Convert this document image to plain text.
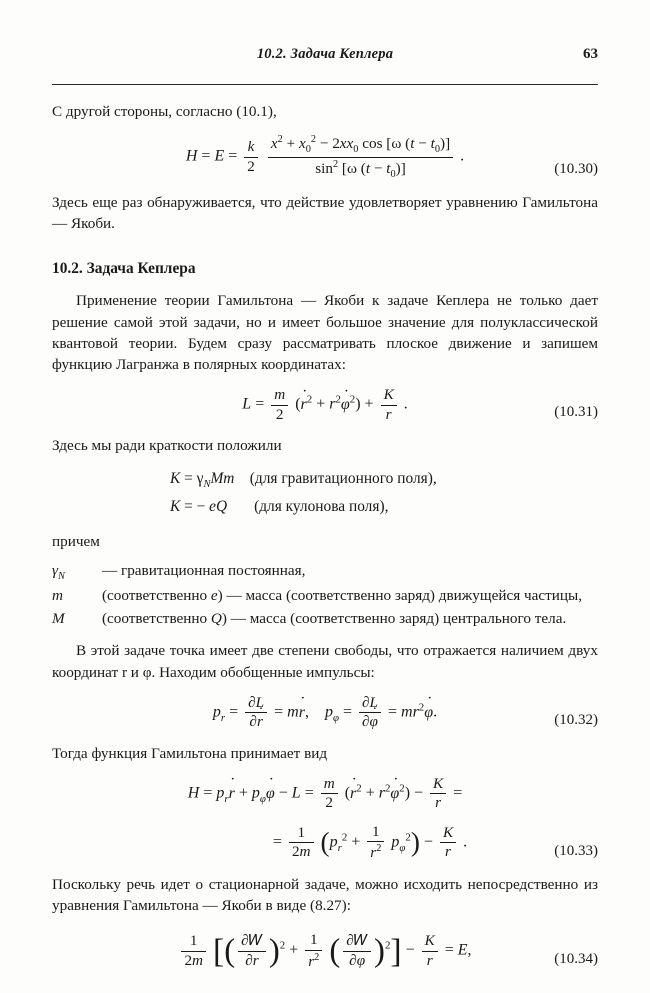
10.2. Задача Кеплера	63

С другой стороны, согласно (10.1),

$H = E = \frac{k}{2}$
$\frac{x^2 + x_0^2 - 2xx_0 \cos [\omega (t - t_0)]}{\sin^2 [\omega (t - t_0)]}$ .
(10.30)

Здесь еще раз обнаруживается, что действие удовлетворяет уравнению Гамильтона — Якоби.

10.2. Задача Кеплера

Применение теории Гамильтона — Якоби к задаче Кеплера не только дает решение самой этой задачи, но и имеет большое значение для полуклассической квантовой теории. Будем сразу рассматривать плоское движение и запишем функцию Лагранжа в полярных координатах:

$L = \frac{m}{2} (r$ ˙$^2$ + $r^2\varphi$ ˙$^2$) + $\frac{K}{r}$ .	(10.31)

Здесь мы ради краткости положили

$K = \gamma_NMm$ (для гравитационного поля),
K = − eQ (для кулонова поля),

причем

$\gamma_N$ — гравитационная постоянная,
m	(соответственно e) — масса (соответственно заряд) движущейся частицы,
M (соответственно Q) — масса (соответственно заряд) центрального тела.

В этой задаче точка имеет две степени свободы, что отражается наличием двух координат r и φ. Находим обобщенные импульсы:

$p_r = \frac{\partial L}{\partial r}$ ˙ = mr ˙,    $p_\varphi = \frac{\partial L}{\partial\varphi}$ ˙ = $mr^2\varphi$ ˙.	(10.32)

Тогда функция Гамильтона принимает вид

$H = p_rr$ ˙ + $p_\varphi\varphi$ ˙ − $L = \frac{m}{2} (r$ ˙$^2$ + $r^2\varphi$ ˙$^2$) − $\frac{K}{r}$ =
= $\frac{1}{2m} (p_r^2 + \frac{1}{r^2} p_\varphi^2) - \frac{K}{r}$ .
(10.33)

Поскольку речь идет о стационарной задаче, можно исходить непосредственно из уравнения Гамильтона — Якоби в виде (8.27):

$\frac{1}{2m}$ [( $\frac{\text{∂𝑊}}{\partial r} )^2 + \frac{1}{r^2}$ ( $\frac{\text{∂𝑊}}{\partial\varphi} )^2] - \frac{K}{r} = E$,
(10.34)
